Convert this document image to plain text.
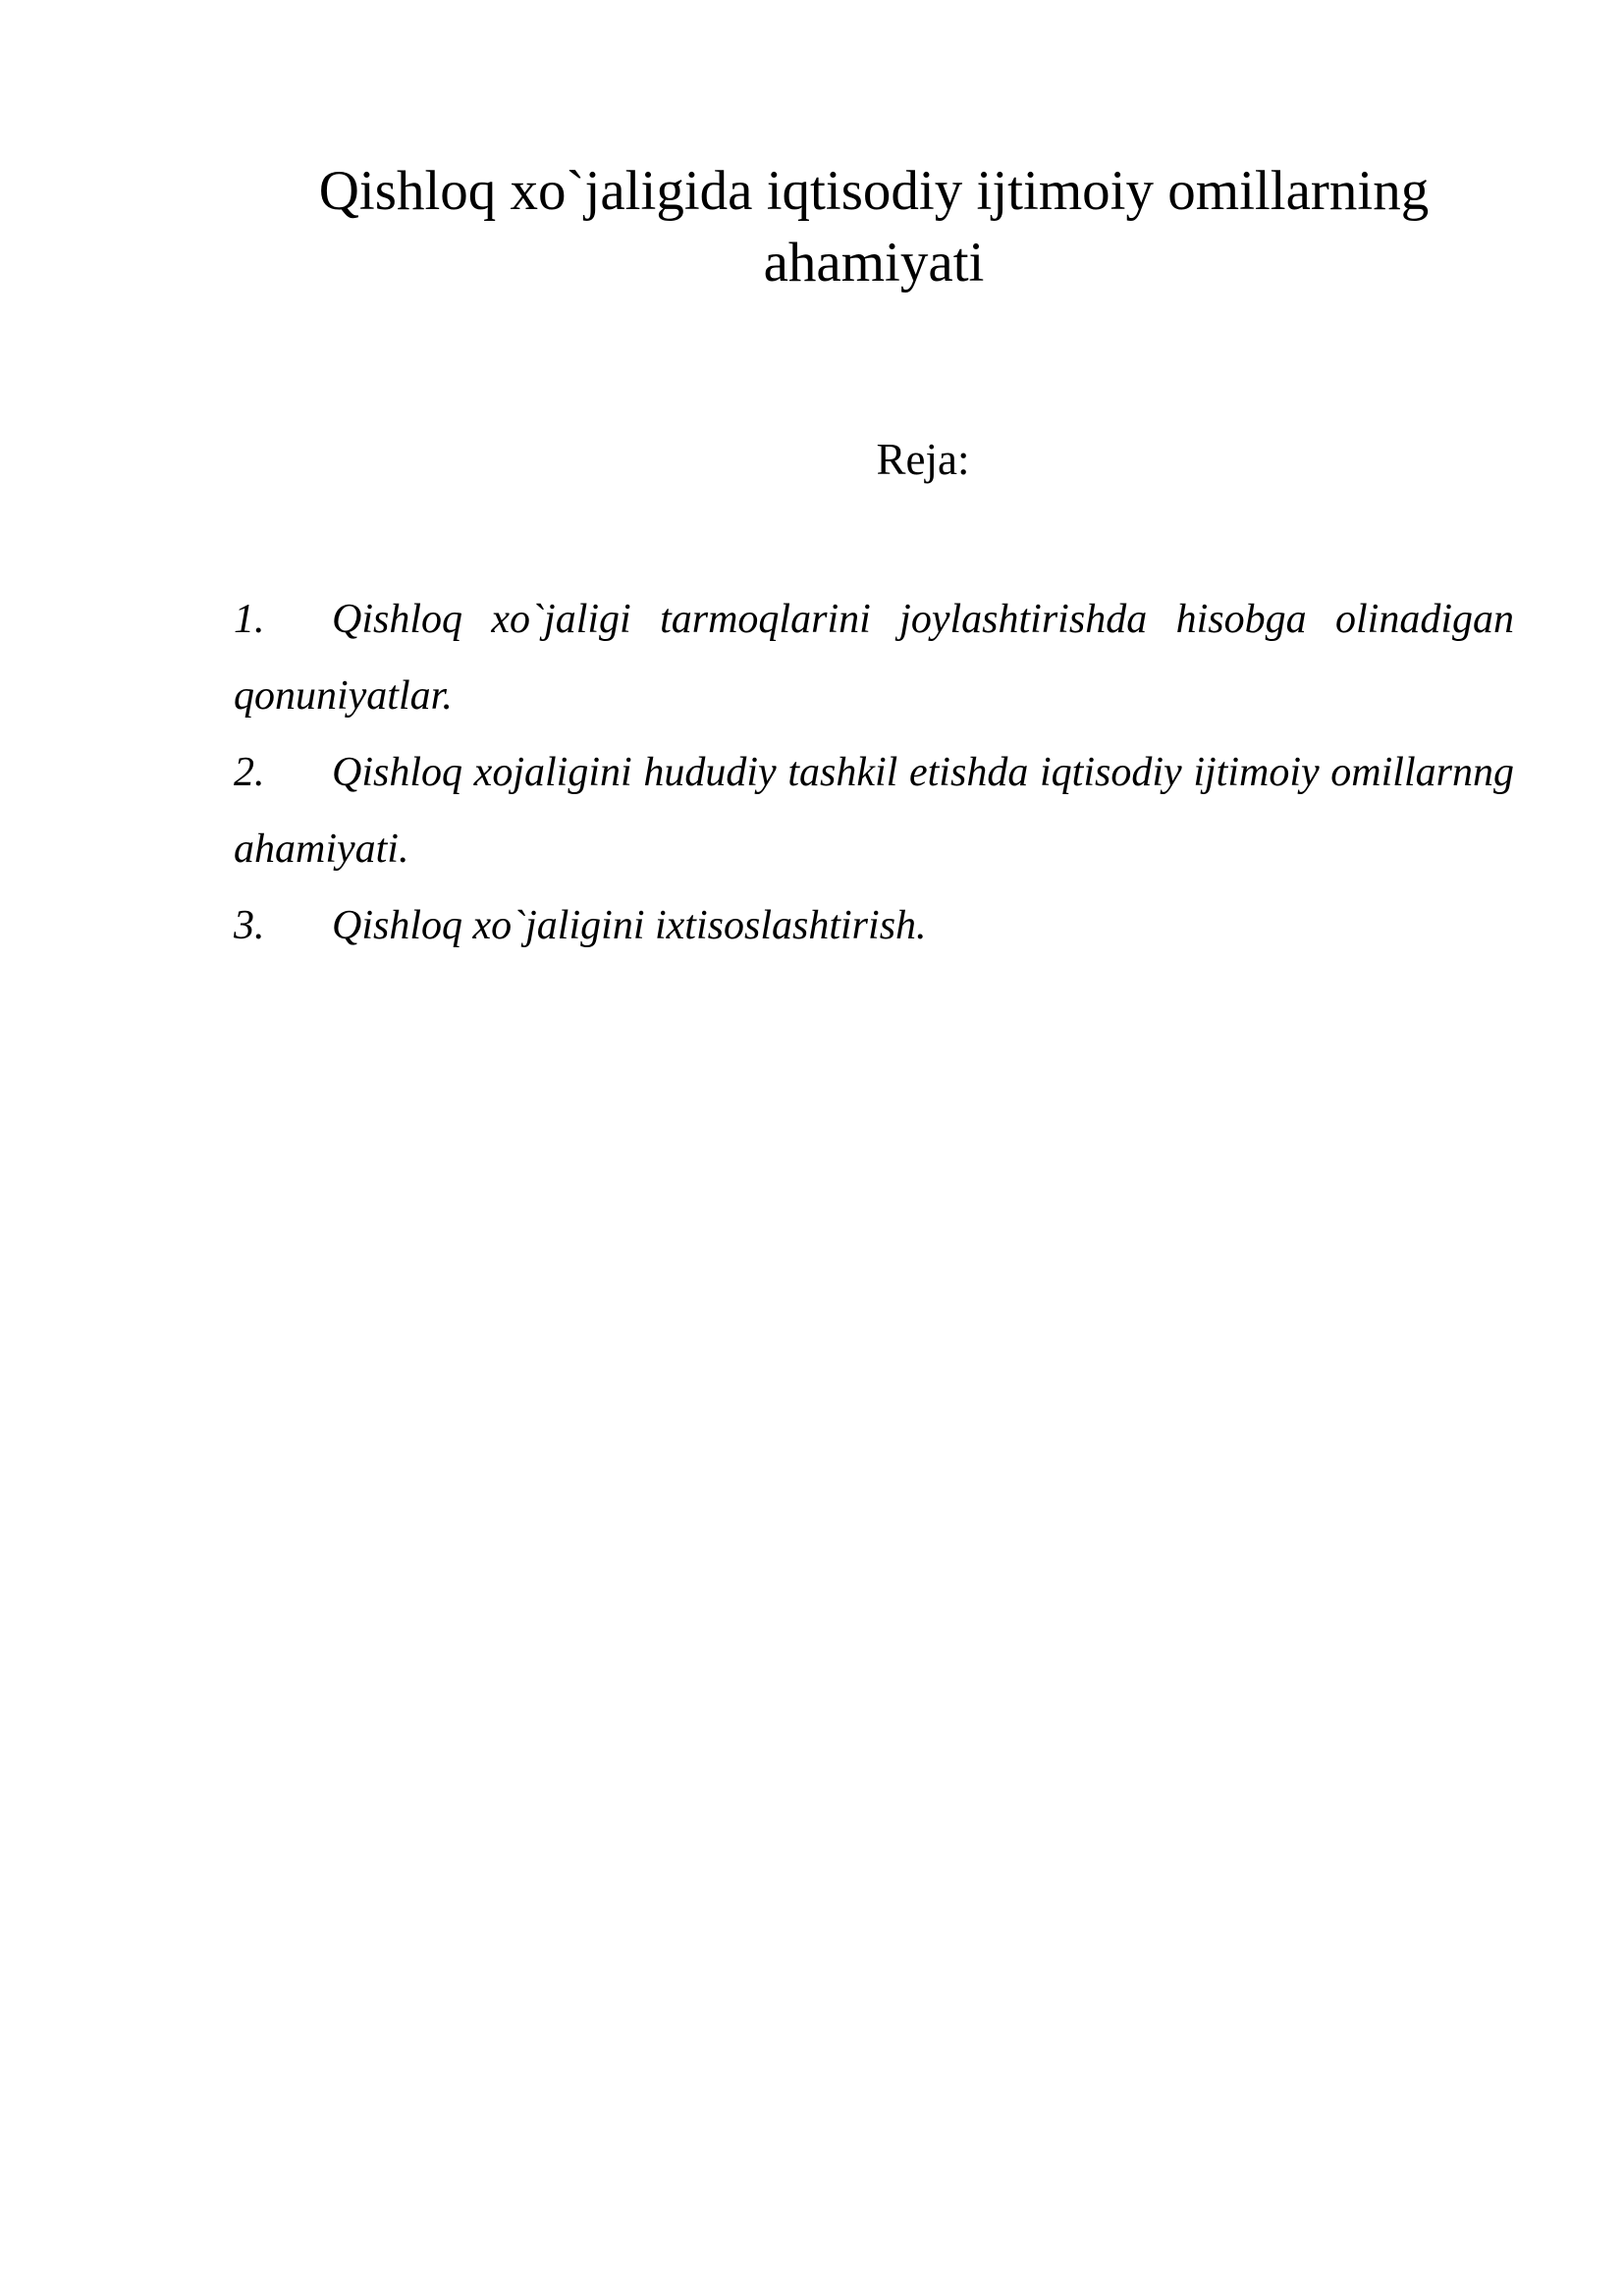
Qishloq xo`jaligida iqtisodiy ijtimoiy omillarning ahamiyati
Reja:
1. Qishloq xo`jaligi tarmoqlarini joylashtirishda hisobga olinadigan qonuniyatlar.
2. Qishloq xojaligini hududiy tashkil etishda iqtisodiy ijtimoiy omillarnng ahamiyati.
3. Qishloq xo`jaligini ixtisoslashtirish.
